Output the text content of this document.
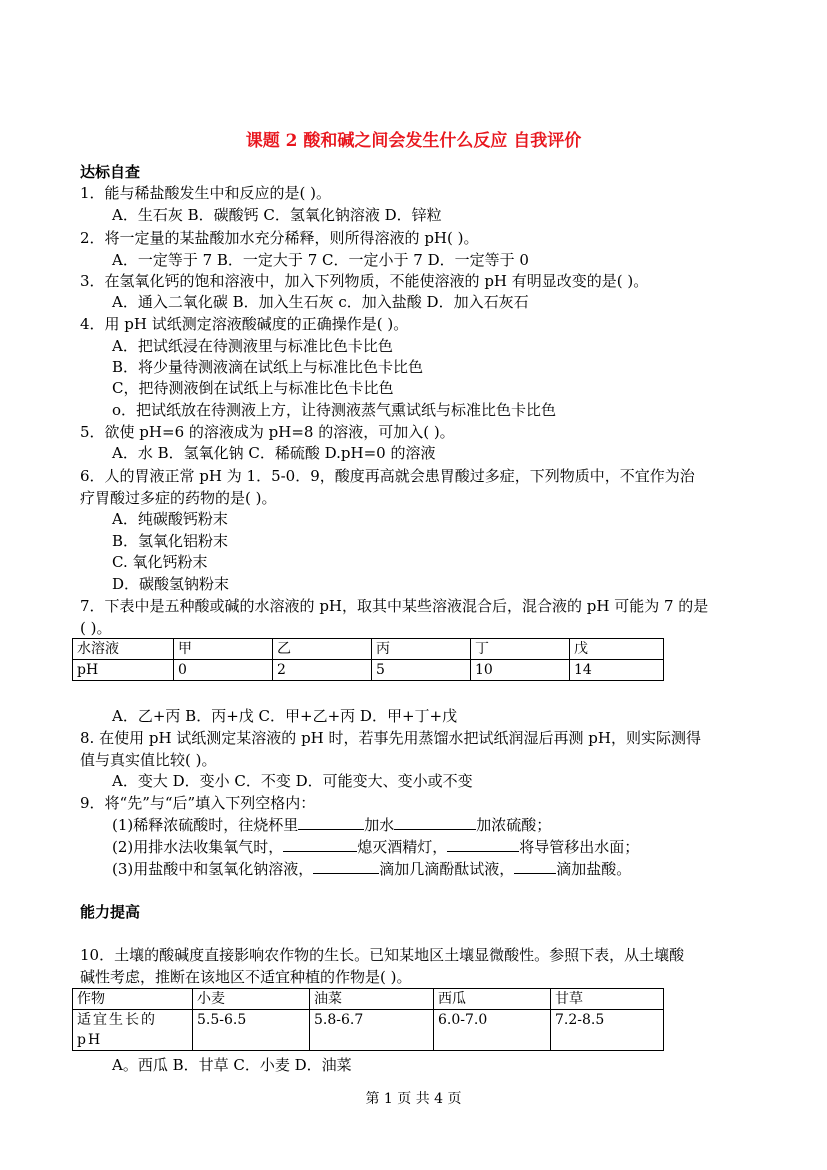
课题 2 酸和碱之间会发生什么反应 自我评价
达标自查
1．能与稀盐酸发生中和反应的是( )。
A．生石灰 B．碳酸钙 C．氢氧化钠溶液 D．锌粒
2．将一定量的某盐酸加水充分稀释，则所得溶液的 pH( )。
A．一定等于 7 B．一定大于 7 C．一定小于 7 D．一定等于 0
3．在氢氧化钙的饱和溶液中，加入下列物质，不能使溶液的 pH 有明显改变的是( )。
A．通入二氧化碳 B．加入生石灰 c．加入盐酸 D．加入石灰石
4．用 pH 试纸测定溶液酸碱度的正确操作是( )。
A．把试纸浸在待测液里与标准比色卡比色
B．将少量待测液滴在试纸上与标准比色卡比色
C，把待测液倒在试纸上与标准比色卡比色
o．把试纸放在待测液上方，让待测液蒸气熏试纸与标准比色卡比色
5．欲使 pH=6 的溶液成为 pH=8 的溶液，可加入( )。
A．水 B．氢氧化钠 C．稀硫酸 D.pH=0 的溶液
6．人的胃液正常 pH 为 1．5-0．9，酸度再高就会患胃酸过多症，下列物质中，不宜作为治
疗胃酸过多症的药物的是( )。
A．纯碳酸钙粉末
B．氢氧化铝粉末
C. 氧化钙粉末
D．碳酸氢钠粉末
7．下表中是五种酸或碱的水溶液的 pH，取其中某些溶液混合后，混合液的 pH 可能为 7 的是
( )。
水溶液	甲	乙	丙	丁	戊
pH	0	2	5	10	14
A．乙+丙 B．丙+戊 C．甲+乙+丙 D．甲+丁+戊
8. 在使用 pH 试纸测定某溶液的 pH 时，若事先用蒸馏水把试纸润湿后再测 pH，则实际测得
值与真实值比较( )。
A．变大 D．变小 C．不变 D．可能变大、变小或不变
9．将“先”与“后”填入下列空格内：
(1)稀释浓硫酸时，往烧杯里	加水	加浓硫酸；
(2)用排水法收集氧气时，	熄灭酒精灯，	将导管移出水面；
(3)用盐酸中和氢氧化钠溶液，	滴加几滴酚酞试液，	滴加盐酸。
能力提高
10．土壤的酸碱度直接影响农作物的生长。已知某地区土壤显微酸性。参照下表，从土壤酸
碱性考虑，推断在该地区不适宜种植的作物是( )。
作物	小麦	油菜	西瓜	甘草
适宜生长的 pH	5.5-6.5	5.8-6.7	6.0-7.0	7.2-8.5
A。西瓜 B．甘草 C．小麦 D．油菜
第 1 页 共 4 页
